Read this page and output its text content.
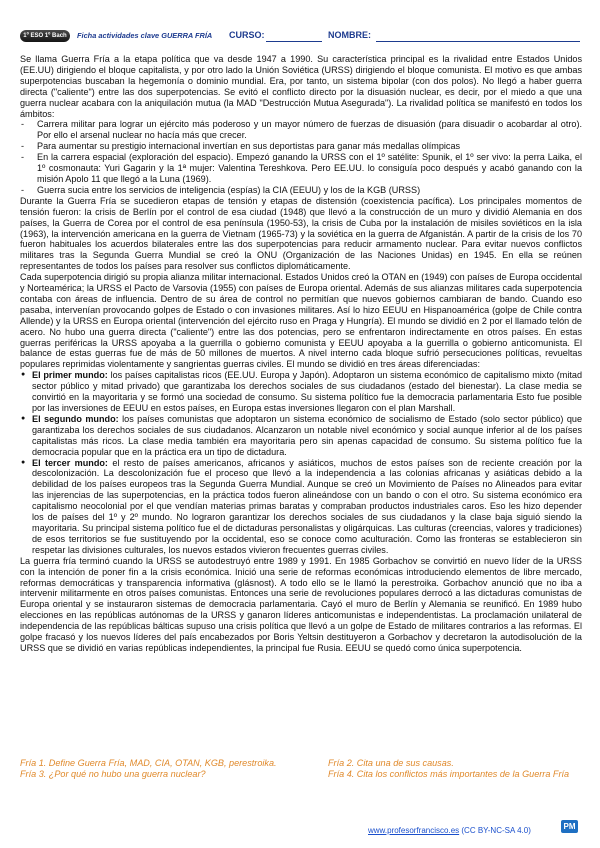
1º ESO 1º Bach	Ficha actividades clave GUERRA FRÍA CURSO:	NOMBRE:

Se llama Guerra Fría a la etapa política que va desde 1947 a 1990. Su característica principal es la rivalidad entre Estados Unidos (EE.UU) dirigiendo el bloque capitalista, y por otro lado la Unión Soviética (URSS) dirigiendo el bloque comunista. El motivo es que ambas superpotencias buscaban la hegemonía o dominio mundial. Era, por tanto, un sistema bipolar (con dos polos). No llegó a haber guerra directa ("caliente") entre las dos superpotencias. Se evitó el conflicto directo por la disuasión nuclear, es decir, por el miedo a que una guerra nuclear acabara con la aniquilación mutua (la MAD "Destrucción Mutua Asegurada"). La rivalidad política se manifestó en todos los ámbitos:

- Carrera militar para lograr un ejército más poderoso y un mayor número de fuerzas de disuasión (para disuadir o acobardar al otro). Por ello el arsenal nuclear no hacía más que crecer.
- Para aumentar su prestigio internacional invertían en sus deportistas para ganar más medallas olímpicas
- En la carrera espacial (exploración del espacio). Empezó ganando la URSS con el 1º satélite: Spunik, el 1º ser vivo: la perra Laika, el 1º cosmonauta: Yuri Gagarin y la 1ª mujer: Valentina Tereshkova. Pero EE.UU. lo consiguía poco después y acabó ganando con la misión Apolo 11 que llegó a la Luna (1969).
- Guerra sucia entre los servicios de inteligencia (espías) la CIA (EEUU) y los de la KGB (URSS)

Durante la Guerra Fría se sucedieron etapas de tensión y etapas de distensión (coexistencia pacífica). Los principales momentos de tensión fueron: la crisis de Berlín por el control de esa ciudad (1948) que llevó a la construcción de un muro y dividió Alemania en dos países, la Guerra de Corea por el control de esa península (1950-53), la crisis de Cuba por la instalación de misiles soviéticos en la isla (1963), la intervención americana en la guerra de Vietnam (1965-73) y la soviética en la guerra de Afganistán. A partir de la crisis de los 70 fueron habituales los acuerdos bilaterales entre las dos superpotencias para reducir armamento nuclear. Para evitar nuevos conflictos militares tras la Segunda Guerra Mundial se creó la ONU (Organización de las Naciones Unidas) en 1945. En ella se reúnen representantes de todos los países para resolver sus conflictos diplomáticamente.

Cada superpotencia dirigió su propia alianza militar internacional. Estados Unidos creó la OTAN en (1949) con países de Europa occidental y Norteamérica; la URSS el Pacto de Varsovia (1955) con países de Europa oriental. Además de sus alianzas militares cada superpotencia contaba con áreas de influencia. Dentro de su área de control no permitían que nuevos gobiernos cambiaran de bando. Cuando eso pasaba, intervenían provocando golpes de Estado o con invasiones militares. Así lo hizo EEUU en Hispanoamérica (golpe de Chile contra Allende) y la URSS en Europa oriental (intervención del ejército ruso en Praga y Hungría). El mundo se dividió en 2 por el llamado telón de acero. No hubo una guerra directa ("caliente") entre las dos potencias, pero se enfrentaron indirectamente en otros países. En estas guerras periféricas la URSS apoyaba a la guerrilla o gobierno comunista y EEUU apoyaba a la guerrilla o gobierno anticomunista. El balance de estas guerras fue de más de 50 millones de muertos. A nivel interno cada bloque sufrió persecuciones políticas, revueltas populares reprimidas violentamente y sangrientas guerras civiles. El mundo se dividió en tres áreas diferenciadas:

● El primer mundo: los países capitalistas ricos (EE.UU. Europa y Japón). Adoptaron un sistema económico de capitalismo mixto (mitad sector público y mitad privado) que garantizaba los derechos sociales de sus ciudadanos (estado del bienestar). La clase media se convirtió en la mayoritaria y se formó una sociedad de consumo. Su sistema político fue la democracia parlamentaria Esto fue posible por las inversiones de EEUU en estos países, en Europa estas inversiones llegaron con el plan Marshall.
● El segundo mundo: los países comunistas que adoptaron un sistema económico de socialismo de Estado (solo sector público) que garantizaba los derechos sociales de sus ciudadanos. Alcanzaron un notable nivel económico y social aunque inferior al de los países capitalistas más ricos. La clase media también era mayoritaria pero sin apenas capacidad de consumo. Su sistema político fue la democracia popular que en la práctica era un tipo de dictadura.
● El tercer mundo: el resto de países americanos, africanos y asiáticos, muchos de estos países son de reciente creación por la descolonización. La descolonización fue el proceso que llevó a la independencia a las colonias africanas y asiáticas debido a la debilidad de los países europeos tras la Segunda Guerra Mundial. Aunque se creó un Movimiento de Países no Alineados para evitar las injerencias de las superpotencias, en la práctica todos fueron alineándose con un bando o con el otro. Su sistema económico era capitalismo neocolonial por el que vendían materias primas baratas y compraban productos industriales caros. Eso les hizo depender los de países del 1º y 2º mundo. No lograron garantizar los derechos sociales de sus ciudadanos y la clase baja siguió siendo la mayoritaria. Su principal sistema político fue el de dictaduras personalistas y oligárquicas. Las culturas (creencias, valores y tradiciones) de esos territorios se fue sustituyendo por la occidental, eso se conoce como aculturación. Como las fronteras se establecieron sin respetar las divisiones culturales, los nuevos estados vivieron frecuentes guerras civiles.

La guerra fría terminó cuando la URSS se autodestruyó entre 1989 y 1991. En 1985 Gorbachov se convirtió en nuevo líder de la URSS con la intención de poner fin a la crisis económica. Inició una serie de reformas económicas introduciendo elementos de libre mercado, reformas democráticas y transparencia informativa (glásnost). A todo ello se le llamó la perestroika. Gorbachov anunció que no iba a intervenir militarmente en otros países comunistas. Entonces una serie de revoluciones populares derrocó a las dictaduras comunistas de Europa oriental y se instauraron sistemas de democracia parlamentaria. Cayó el muro de Berlín y Alemania se reunificó. En 1989 hubo elecciones en las repúblicas autónomas de la URSS y ganaron líderes anticomunistas e independentistas. La proclamación unilateral de independencia de las repúblicas bálticas supuso una crisis política que llevó a un golpe de Estado de militares contrarios a las reformas. El golpe fracasó y los nuevos líderes del país encabezados por Boris Yeltsin destituyeron a Gorbachov y decretaron la autodisolución de la URSS que se dividió en varias repúblicas independientes, la principal fue Rusia. EEUU se quedó como única superpotencia.

Fría 1. Define Guerra Fría, MAD, CIA, OTAN, KGB, perestroika.	Fría 2. Cita una de sus causas.
Fría 3. ¿Por qué no hubo una guerra nuclear?	Fría 4. Cita los conflictos más importantes de la Guerra Fría
www.profesorfrancisco.es (CC BY-NC-SA 4.0)	PM
